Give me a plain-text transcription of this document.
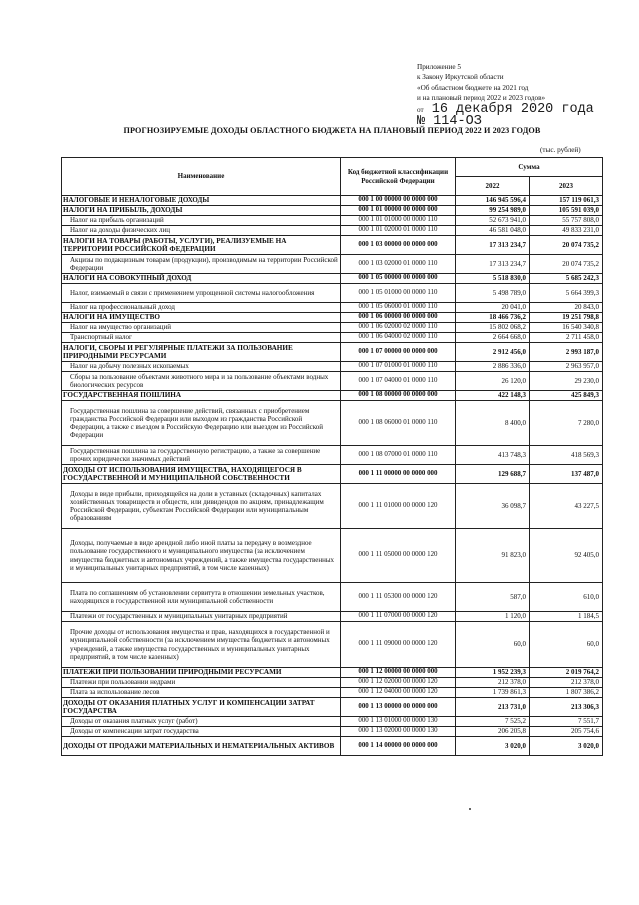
Приложение 5
к Закону Иркутской области
«Об областном бюджете на 2021 год
и на плановый период 2022 и 2023 годов»
от 16 декабря 2020 года
№ 114-ОЗ
ПРОГНОЗИРУЕМЫЕ ДОХОДЫ ОБЛАСТНОГО БЮДЖЕТА НА ПЛАНОВЫЙ ПЕРИОД 2022 И 2023 ГОДОВ
(тыс. рублей)
Наименование	Код бюджетной классификации Российской Федерации	Сумма	
		2022	2023
НАЛОГОВЫЕ И НЕНАЛОГОВЫЕ ДОХОДЫ	000 1 00 00000 00 0000 000	146 945 596,4	157 119 061,3
НАЛОГИ НА ПРИБЫЛЬ, ДОХОДЫ	000 1 01 00000 00 0000 000	99 254 989,0	105 591 039,0
Налог на прибыль организаций	000 1 01 01000 00 0000 110	52 673 941,0	55 757 808,0
Налог на доходы физических лиц	000 1 01 02000 01 0000 110	46 581 048,0	49 833 231,0
НАЛОГИ НА ТОВАРЫ (РАБОТЫ, УСЛУГИ), РЕАЛИЗУЕМЫЕ НА ТЕРРИТОРИИ РОССИЙСКОЙ ФЕДЕРАЦИИ	000 1 03 00000 00 0000 000	17 313 234,7	20 074 735,2
Акцизы по подакцизным товарам (продукции), производимым на территории Российской Федерации	000 1 03 02000 01 0000 110	17 313 234,7	20 074 735,2
НАЛОГИ НА СОВОКУПНЫЙ ДОХОД	000 1 05 00000 00 0000 000	5 518 830,0	5 685 242,3
Налог, взимаемый в связи с применением упрощенной системы налогообложения	000 1 05 01000 00 0000 110	5 498 789,0	5 664 399,3
Налог на профессиональный доход	000 1 05 06000 01 0000 110	20 041,0	20 843,0
НАЛОГИ НА ИМУЩЕСТВО	000 1 06 00000 00 0000 000	18 466 736,2	19 251 798,8
Налог на имущество организаций	000 1 06 02000 02 0000 110	15 802 068,2	16 540 340,8
Транспортный налог	000 1 06 04000 02 0000 110	2 664 668,0	2 711 458,0
НАЛОГИ, СБОРЫ И РЕГУЛЯРНЫЕ ПЛАТЕЖИ ЗА ПОЛЬЗОВАНИЕ ПРИРОДНЫМИ РЕСУРСАМИ	000 1 07 00000 00 0000 000	2 912 456,0	2 993 187,0
Налог на добычу полезных ископаемых	000 1 07 01000 01 0000 110	2 886 336,0	2 963 957,0
Сборы за пользование объектами животного мира и за пользование объектами водных биологических ресурсов	000 1 07 04000 01 0000 110	26 120,0	29 230,0
ГОСУДАРСТВЕННАЯ ПОШЛИНА	000 1 08 00000 00 0000 000	422 148,3	425 849,3
Государственная пошлина за совершение действий, связанных с приобретением гражданства Российской Федерации или выходом из гражданства Российской Федерации, а также с въездом в Российскую Федерацию или выездом из Российской Федерации	000 1 08 06000 01 0000 110	8 400,0	7 280,0
Государственная пошлина за государственную регистрацию, а также за совершение прочих юридически значимых действий	000 1 08 07000 01 0000 110	413 748,3	418 569,3
ДОХОДЫ ОТ ИСПОЛЬЗОВАНИЯ ИМУЩЕСТВА, НАХОДЯЩЕГОСЯ В ГОСУДАРСТВЕННОЙ И МУНИЦИПАЛЬНОЙ СОБСТВЕННОСТИ	000 1 11 00000 00 0000 000	129 688,7	137 487,0
Доходы в виде прибыли, приходящейся на доли в уставных (складочных) капиталах хозяйственных товариществ и обществ, или дивидендов по акциям, принадлежащим Российской Федерации, субъектам Российской Федерации или муниципальным образованиям	000 1 11 01000 00 0000 120	36 098,7	43 227,5
Доходы, получаемые в виде арендной либо иной платы за передачу в возмездное пользование государственного и муниципального имущества (за исключением имущества бюджетных и автономных учреждений, а также имущества государственных и муниципальных унитарных предприятий, в том числе казенных)	000 1 11 05000 00 0000 120	91 823,0	92 405,0
Плата по соглашениям об установлении сервитута в отношении земельных участков, находящихся в государственной или муниципальной собственности	000 1 11 05300 00 0000 120	587,0	610,0
Платежи от государственных и муниципальных унитарных предприятий	000 1 11 07000 00 0000 120	1 120,0	1 184,5
Прочие доходы от использования имущества и прав, находящихся в государственной и муниципальной собственности (за исключением имущества бюджетных и автономных учреждений, а также имущества государственных и муниципальных унитарных предприятий, в том числе казенных)	000 1 11 09000 00 0000 120	60,0	60,0
ПЛАТЕЖИ ПРИ ПОЛЬЗОВАНИИ ПРИРОДНЫМИ РЕСУРСАМИ	000 1 12 00000 00 0000 000	1 952 239,3	2 019 764,2
Платежи при пользовании недрами	000 1 12 02000 00 0000 120	212 378,0	212 378,0
Плата за использование лесов	000 1 12 04000 00 0000 120	1 739 861,3	1 807 386,2
ДОХОДЫ ОТ ОКАЗАНИЯ ПЛАТНЫХ УСЛУГ И КОМПЕНСАЦИИ ЗАТРАТ ГОСУДАРСТВА	000 1 13 00000 00 0000 000	213 731,0	213 306,3
Доходы от оказания платных услуг (работ)	000 1 13 01000 00 0000 130	7 525,2	7 551,7
Доходы от компенсации затрат государства	000 1 13 02000 00 0000 130	206 205,8	205 754,6
ДОХОДЫ ОТ ПРОДАЖИ МАТЕРИАЛЬНЫХ И НЕМАТЕРИАЛЬНЫХ АКТИВОВ	000 1 14 00000 00 0000 000	3 020,0	3 020,0
